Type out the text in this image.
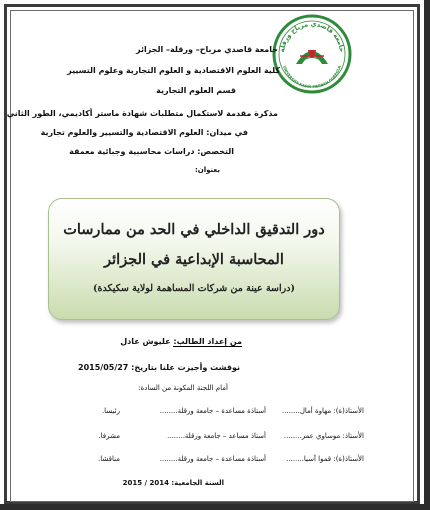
جامعة قاصدي مرباح ورقلة
UNIVERSITE KASDI MERBAH OUARGLA
جامعة قاصدي مرباح– ورقلة– الجزائر
كلية العلوم الاقتصادية و العلوم التجارية وعلوم التسيير
قسم العلوم التجارية
مذكرة مقدمة لاستكمال متطلبات شهادة ماستر أكاديمي، الطور الثاني
في ميدان: العلوم الاقتصادية والتسيير والعلوم تجارية
التخصص: دراسات محاسبية وجبائية معمقة
بعنوان:
دور التدقيق الداخلي في الحد من ممارسات
المحاسبة الإبداعية في الجزائر
(دراسة عينة من شركات المساهمة لولاية سكيكدة)
من إعداد الطالب: عليوش عادل
نوقشت وأجيزت علنا بتاريخ: 2015/05/27
أمام اللجنة المكونة من السادة:
الأستاذ(ة): مهاوة أمال........
أستاذة مساعدة – جامعة ورقلة........
رئيسا.
الأستاذ: موساوي عمر........
أستاذ مساعد – جامعة ورقلة........
مشرفا.
الأستاذ(ة): قموا آسيا........
أستاذة مساعدة – جامعة ورقلة........
مناقشا.
السنة الجامعية: 2014 / 2015
